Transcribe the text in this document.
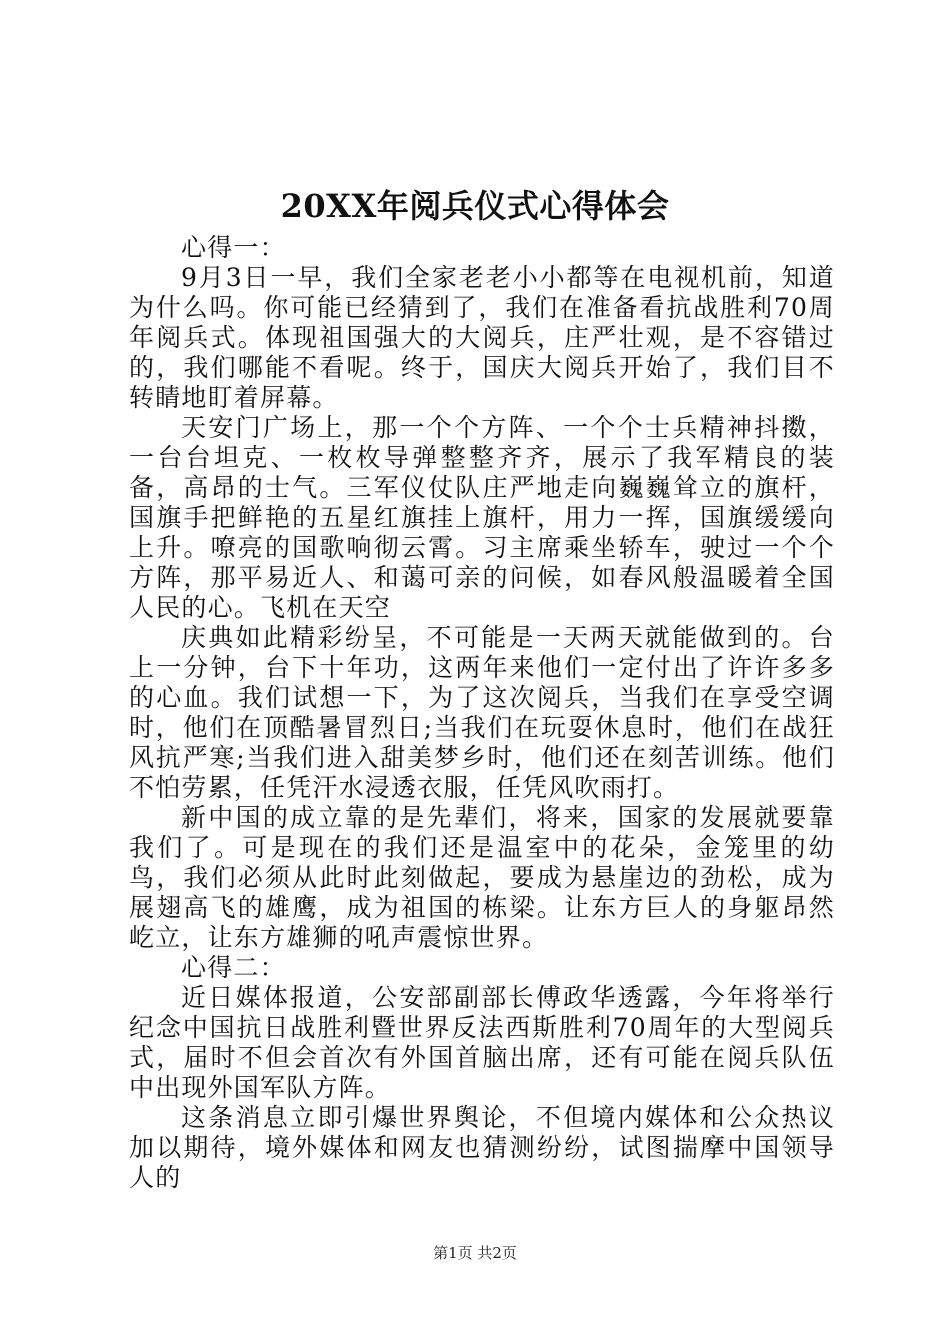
20XX年阅兵仪式心得体会

心得一：

9月3日一早，我们全家老老小小都等在电视机前，知道为什么吗。你可能已经猜到了，我们在准备看抗战胜利70周年阅兵式。体现祖国强大的大阅兵，庄严壮观，是不容错过的，我们哪能不看呢。终于，国庆大阅兵开始了，我们目不转睛地盯着屏幕。

天安门广场上，那一个个方阵、一个个士兵精神抖擞，一台台坦克、一枚枚导弹整整齐齐，展示了我军精良的装备，高昂的士气。三军仪仗队庄严地走向巍巍耸立的旗杆，国旗手把鲜艳的五星红旗挂上旗杆，用力一挥，国旗缓缓向上升。嘹亮的国歌响彻云霄。习主席乘坐轿车，驶过一个个方阵，那平易近人、和蔼可亲的问候，如春风般温暖着全国人民的心。飞机在天空

庆典如此精彩纷呈，不可能是一天两天就能做到的。台上一分钟，台下十年功，这两年来他们一定付出了许许多多的心血。我们试想一下，为了这次阅兵，当我们在享受空调时，他们在顶酷暑冒烈日;当我们在玩耍休息时，他们在战狂风抗严寒;当我们进入甜美梦乡时，他们还在刻苦训练。他们不怕劳累，任凭汗水浸透衣服，任凭风吹雨打。

新中国的成立靠的是先辈们，将来，国家的发展就要靠我们了。可是现在的我们还是温室中的花朵，金笼里的幼鸟，我们必须从此时此刻做起，要成为悬崖边的劲松，成为展翅高飞的雄鹰，成为祖国的栋梁。让东方巨人的身躯昂然屹立，让东方雄狮的吼声震惊世界。

心得二：

近日媒体报道，公安部副部长傅政华透露，今年将举行纪念中国抗日战胜利暨世界反法西斯胜利70周年的大型阅兵式，届时不但会首次有外国首脑出席，还有可能在阅兵队伍中出现外国军队方阵。

这条消息立即引爆世界舆论，不但境内媒体和公众热议加以期待，境外媒体和网友也猜测纷纷，试图揣摩中国领导人的

第1页 共2页
